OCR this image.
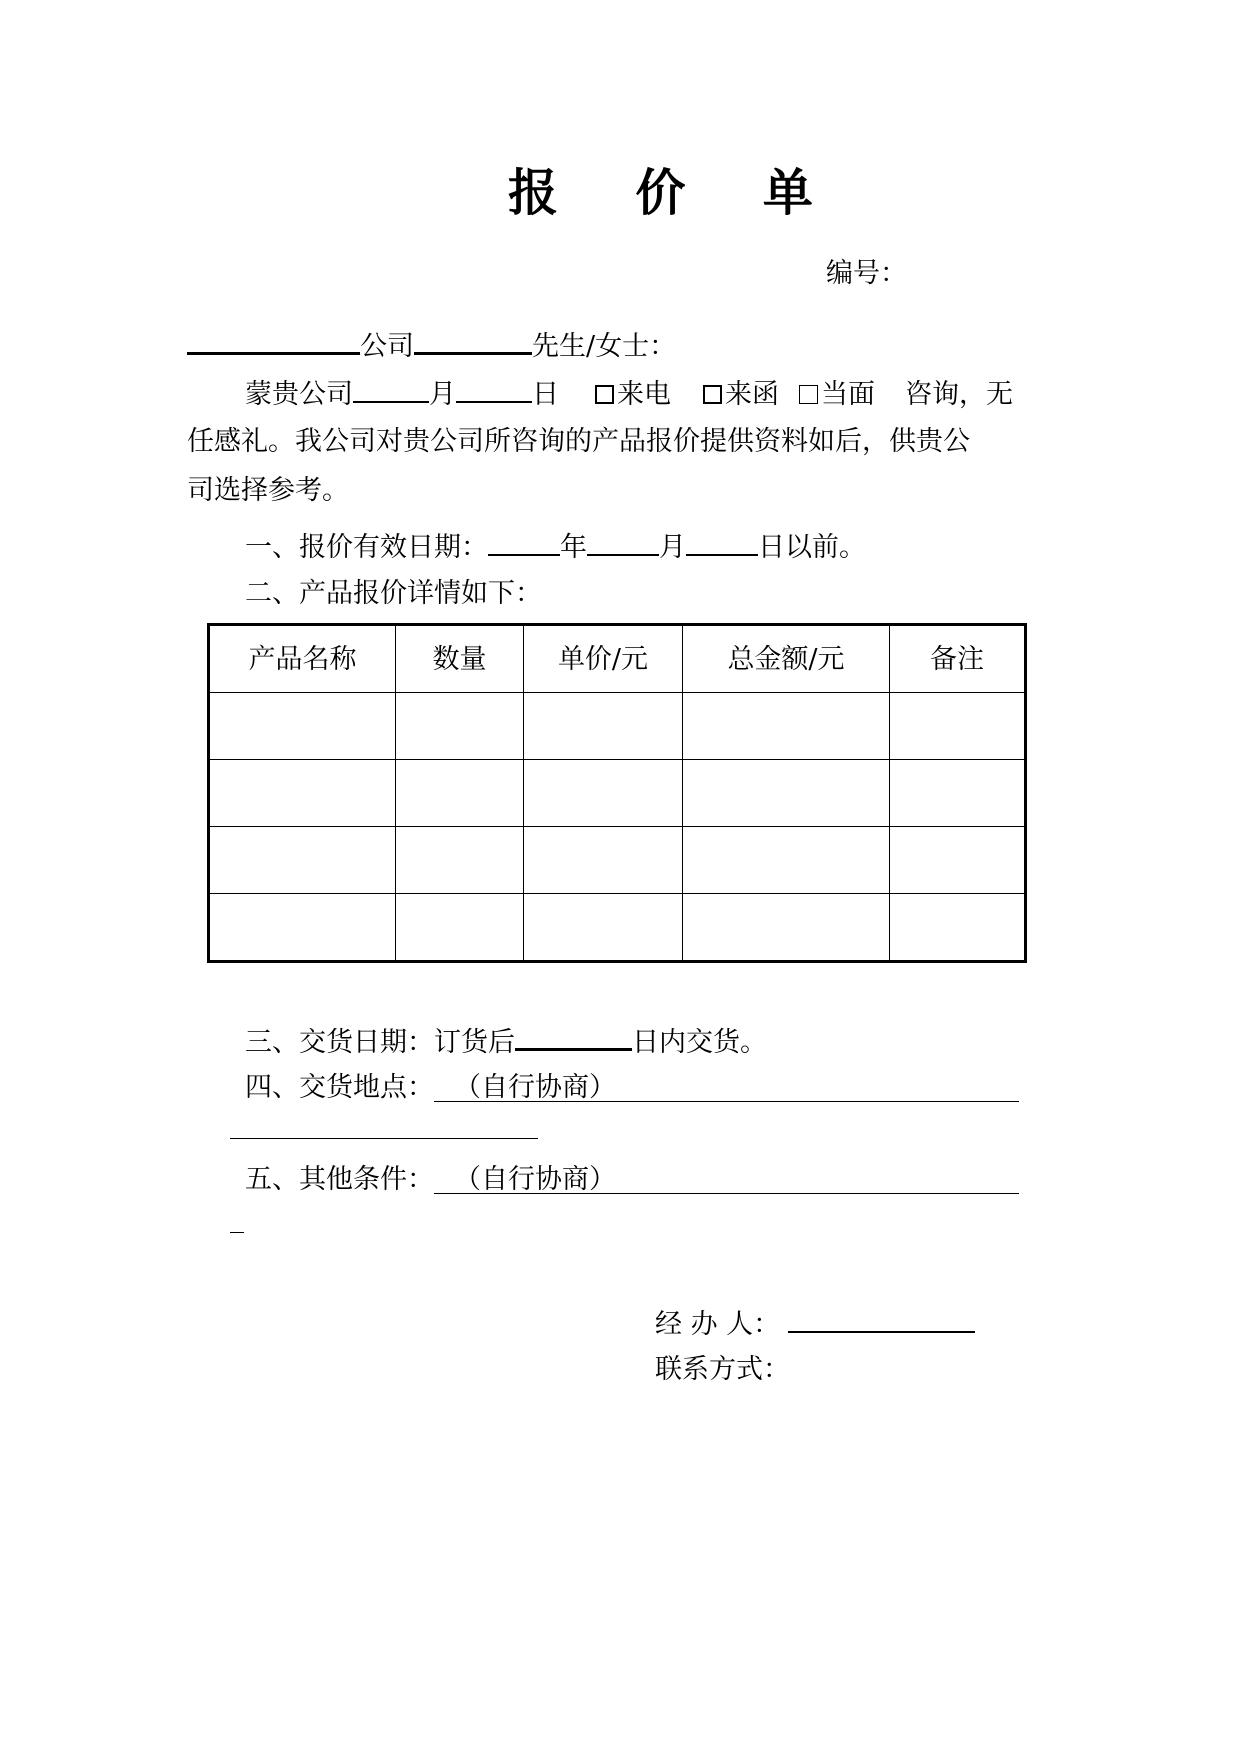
报 价 单
编号：
公司	先生/女士：
蒙贵公司	月	日 来电 来函 当面 咨询，无
任感礼。我公司对贵公司所咨询的产品报价提供资料如后，供贵公
司选择参考。
一、报价有效日期：	年	月	日以前。
二、产品报价详情如下：
产品名称	数量	单价/元	总金额/元	备注

三、交货日期：订货后	日内交货。
四、交货地点： （自行协商）
五、其他条件： （自行协商）
经 办 人：
联系方式：
